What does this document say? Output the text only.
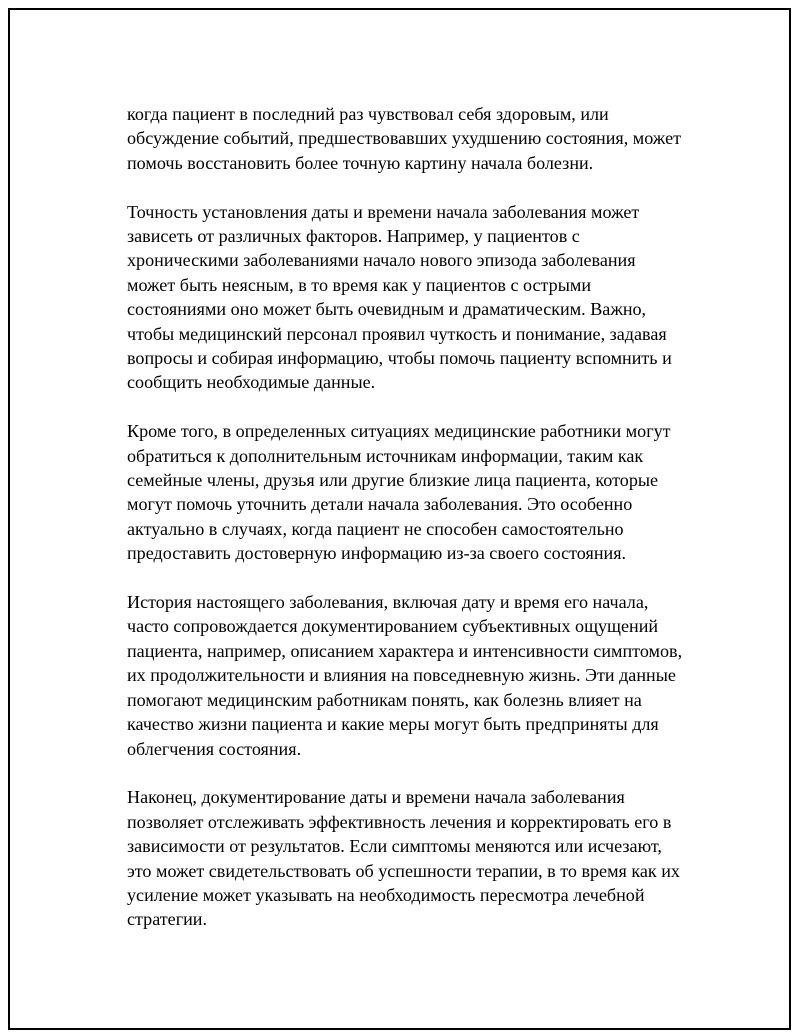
когда пациент в последний раз чувствовал себя здоровым, или
обсуждение событий, предшествовавших ухудшению состояния, может
помочь восстановить более точную картину начала болезни.

Точность установления даты и времени начала заболевания может
зависеть от различных факторов. Например, у пациентов с
хроническими заболеваниями начало нового эпизода заболевания
может быть неясным, в то время как у пациентов с острыми
состояниями оно может быть очевидным и драматическим. Важно,
чтобы медицинский персонал проявил чуткость и понимание, задавая
вопросы и собирая информацию, чтобы помочь пациенту вспомнить и
сообщить необходимые данные.

Кроме того, в определенных ситуациях медицинские работники могут
обратиться к дополнительным источникам информации, таким как
семейные члены, друзья или другие близкие лица пациента, которые
могут помочь уточнить детали начала заболевания. Это особенно
актуально в случаях, когда пациент не способен самостоятельно
предоставить достоверную информацию из-за своего состояния.

История настоящего заболевания, включая дату и время его начала,
часто сопровождается документированием субъективных ощущений
пациента, например, описанием характера и интенсивности симптомов,
их продолжительности и влияния на повседневную жизнь. Эти данные
помогают медицинским работникам понять, как болезнь влияет на
качество жизни пациента и какие меры могут быть предприняты для
облегчения состояния.

Наконец, документирование даты и времени начала заболевания
позволяет отслеживать эффективность лечения и корректировать его в
зависимости от результатов. Если симптомы меняются или исчезают,
это может свидетельствовать об успешности терапии, в то время как их
усиление может указывать на необходимость пересмотра лечебной
стратегии.
